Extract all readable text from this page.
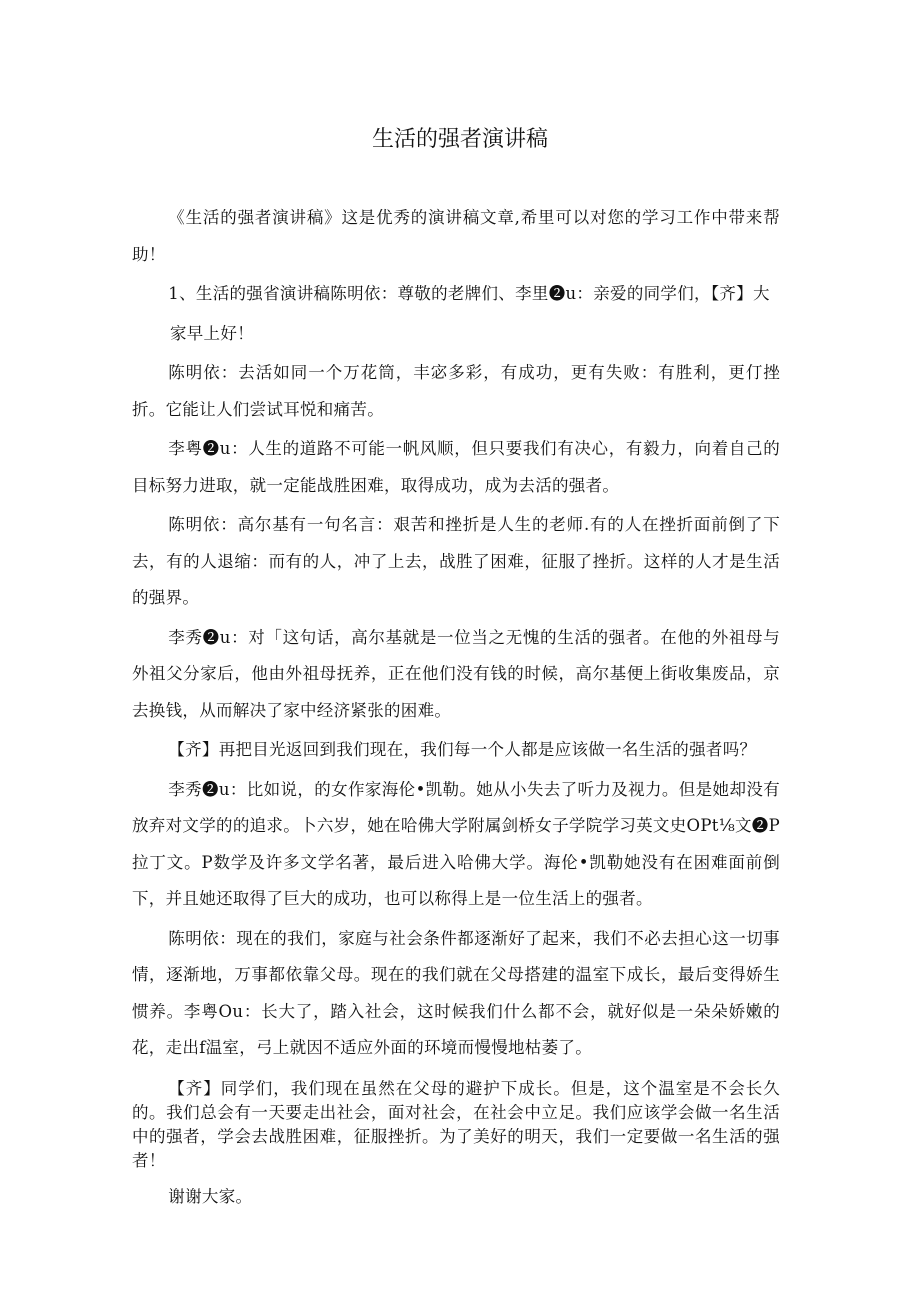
生活的强者演讲稿

《生活的强者演讲稿》这是优秀的演讲稿文章,希里可以对您的学习工作中带来帮助！

1、生活的强省演讲稿陈明依：尊敬的老牌们、李里❷u：亲爱的同学们，【齐】大

家早上好！

陈明依：去活如同一个万花筒，丰宓多彩，有成功，更有失败：有胜利，更仃挫折。它能让人们尝试耳悦和痛苦。

李粤❷u：人生的道路不可能一帆风顺，但只要我们有决心，有毅力，向着自己的目标努力进取，就一定能战胜困难，取得成功，成为去活的强者。

陈明依：高尔基有一句名言：艰苦和挫折是人生的老师.有的人在挫折面前倒了下去，有的人退缩：而有的人，冲了上去，战胜了困难，征服了挫折。这样的人才是生活的强界。

李秀❷u：对「这句话，高尔基就是一位当之无愧的生活的强者。在他的外祖母与外祖父分家后，他由外祖母抚养，正在他们没有钱的时候，高尔基便上街收集废品，京去换钱，从而解决了家中经济紧张的困难。

【齐】再把目光返回到我们现在，我们每一个人都是应该做一名生活的强者吗？

李秀❷u：比如说，的女作家海伦•凯勒。她从小失去了听力及视力。但是她却没有放弃对文学的的追求。卜六岁，她在哈佛大学附属剑桥女子学院学习英文史OPt⅛文❷P拉丁文。P数学及许多文学名著，最后进入哈佛大学。海伦•凯勒她没有在困难面前倒下，并且她还取得了巨大的成功，也可以称得上是一位生活上的强者。

陈明依：现在的我们，家庭与社会条件都逐渐好了起来，我们不必去担心这一切事情，逐渐地，万事都依靠父母。现在的我们就在父母搭建的温室下成长，最后变得娇生惯养。李粤Ou：长大了，踏入社会，这时候我们什么都不会，就好似是一朵朵娇嫩的花，走出f温室，弓上就因不适应外面的环境而慢慢地枯萎了。

【齐】同学们，我们现在虽然在父母的避护下成长。但是，这个温室是不会长久的。我们总会有一天要走出社会，面对社会，在社会中立足。我们应该学会做一名生活中的强者，学会去战胜困难，征服挫折。为了美好的明天，我们一定要做一名生活的强者！

谢谢大家。
